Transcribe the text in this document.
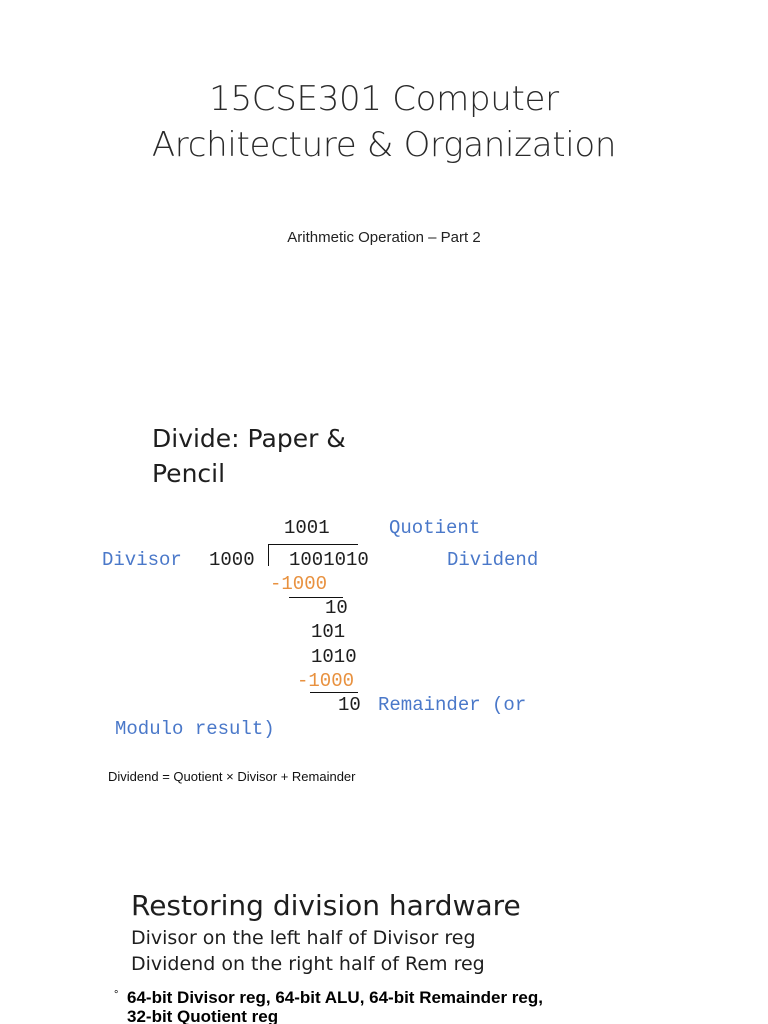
15CSE301 Computer
Architecture & Organization
Arithmetic Operation – Part 2
Divide: Paper &
Pencil
1001	Quotient
Divisor 1000 1001010	Dividend
-1000
10
101
1010
-1000
10 Remainder (or
Modulo result)
Dividend = Quotient × Divisor + Remainder
Restoring division hardware
Divisor on the left half of Divisor reg
Dividend on the right half of Rem reg
° 64-bit Divisor reg, 64-bit ALU, 64-bit Remainder reg,
32-bit Quotient reg
